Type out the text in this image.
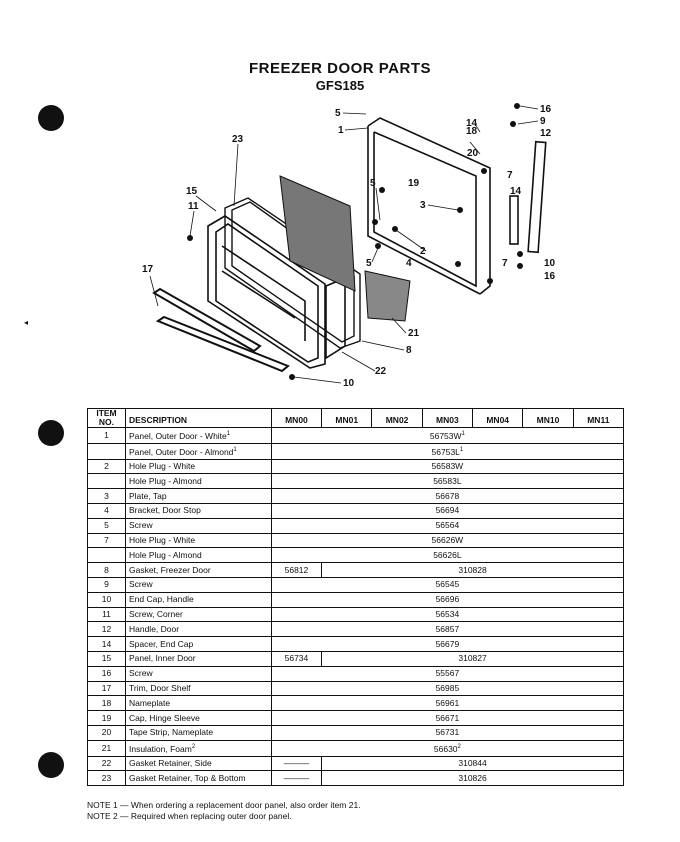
◂
FREEZER DOOR PARTS
GFS185
23
15
11
17
5
1
5
5
19
3
2
4
18
20
14
7
7
16
9
12
14
10
16
21
8
22
10
ITEM NO.	DESCRIPTION	MN00	MN01	MN02	MN03	MN04	MN10	MN11
1	Panel, Outer Door - White$^1$	$56753W^1$
	Panel, Outer Door - Almond$^1$	$56753L^1$
2	Hole Plug - White	56583W						
	Hole Plug - Almond	56583L						
3	Plate, Tap	56678						
4	Bracket, Door Stop	56694						
5	Screw	56564						
7	Hole Plug - White	56626W						
	Hole Plug - Almond	56626L						
8	Gasket, Freezer Door	56812	310828					
9	Screw	56545						
10	End Cap, Handle	56696						
11	Screw, Corner	56534						
12	Handle, Door	56857						
14	Spacer, End Cap	56679						
15	Panel, Inner Door	56734	310827					
16	Screw	55567						
17	Trim, Door Shelf	56985						
18	Nameplate	56961						
19	Cap, Hinge Sleeve	56671						
20	Tape Strip, Nameplate	56731						
21	Insulation, Foam$^2$	56630$^2$
22	Gasket Retainer, Side	———	310844					
23	Gasket Retainer, Top & Bottom	———	310826					
NOTE 1 — When ordering a replacement door panel, also order item 21.
NOTE 2 — Required when replacing outer door panel.
